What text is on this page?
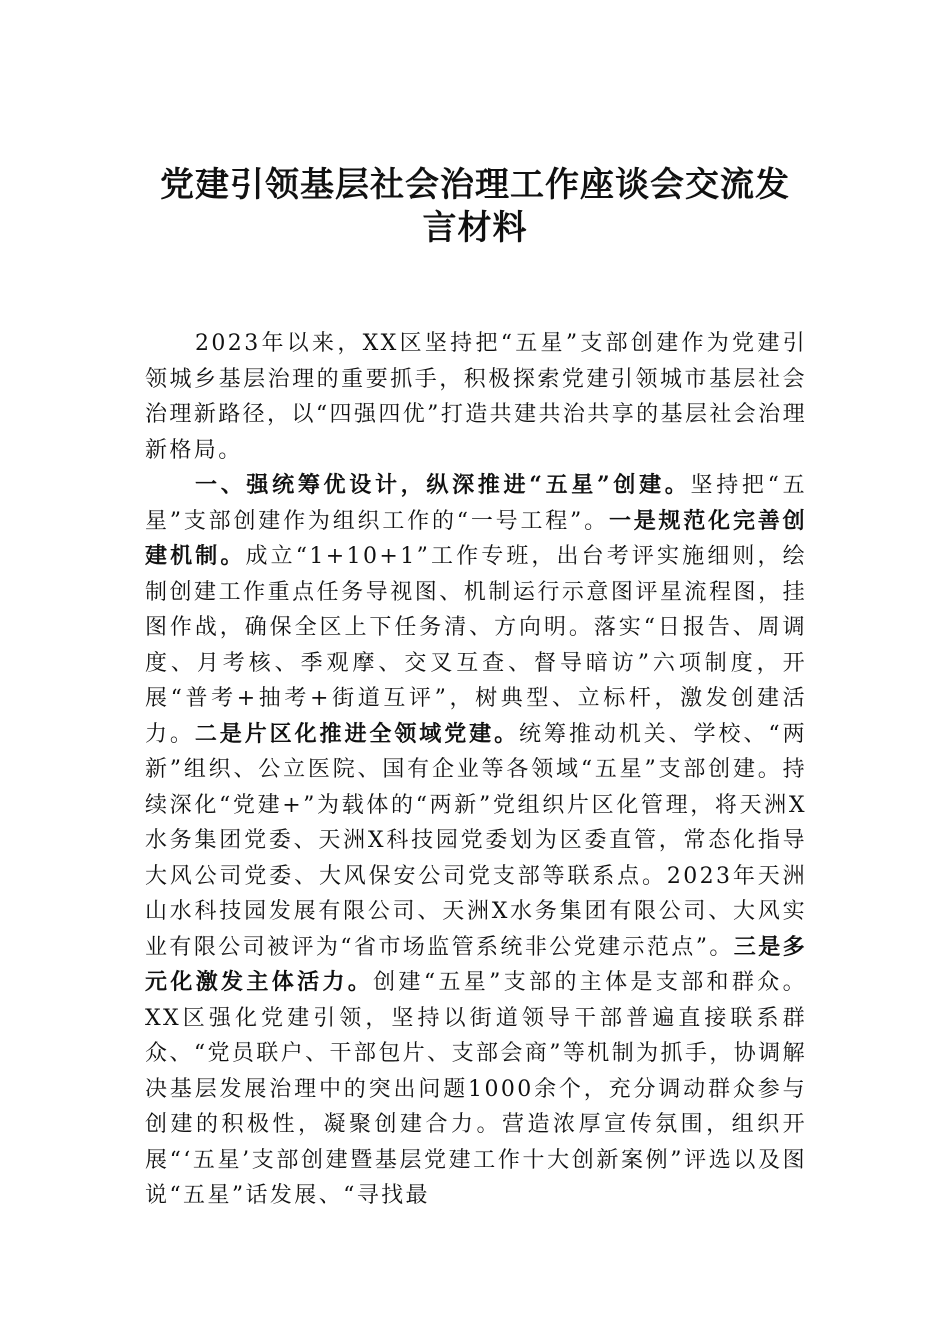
党建引领基层社会治理工作座谈会交流发
言材料

2023年以来，XX区坚持把“五星”支部创建作为党建引领城乡基层治理的重要抓手，积极探索党建引领城市基层社会治理新路径，以“四强四优”打造共建共治共享的基层社会治理新格局。

一、强统筹优设计，纵深推进“五星”创建。坚持把“五星”支部创建作为组织工作的“一号工程”。一是规范化完善创建机制。成立“1+10+1”工作专班，出台考评实施细则，绘制创建工作重点任务导视图、机制运行示意图评星流程图，挂图作战，确保全区上下任务清、方向明。落实“日报告、周调度、月考核、季观摩、交叉互查、督导暗访”六项制度，开展“普考+抽考+街道互评”，树典型、立标杆，激发创建活力。二是片区化推进全领域党建。统筹推动机关、学校、“两新”组织、公立医院、国有企业等各领域“五星”支部创建。持续深化“党建+”为载体的“两新”党组织片区化管理，将天洲X水务集团党委、天洲X科技园党委划为区委直管，常态化指导大风公司党委、大风保安公司党支部等联系点。2023年天洲山水科技园发展有限公司、天洲X水务集团有限公司、大风实业有限公司被评为“省市场监管系统非公党建示范点”。三是多元化激发主体活力。创建“五星”支部的主体是支部和群众。XX区强化党建引领，坚持以街道领导干部普遍直接联系群众、“党员联户、干部包片、支部会商”等机制为抓手，协调解决基层发展治理中的突出问题1000余个，充分调动群众参与创建的积极性，凝聚创建合力。营造浓厚宣传氛围，组织开展“‘五星’支部创建暨基层党建工作十大创新案例”评选以及图说“五星”话发展、“寻找最
